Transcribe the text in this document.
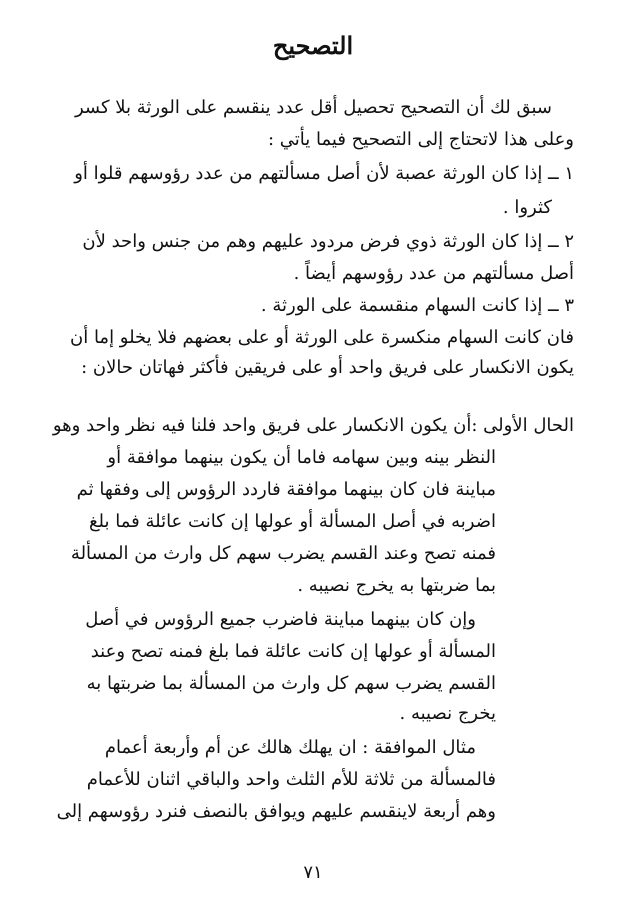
التصحيح

سبق لك أن التصحيح تحصيل أقل عدد ينقسم على الورثة بلا كسر

وعلى هذا لاتحتاج إلى التصحيح فيما يأتي :

١ ــ إذا كان الورثة عصبة لأن أصل مسألتهم من عدد رؤوسهم قلوا أو

كثروا .

٢ ــ إذا كان الورثة ذوي فرض مردود عليهم وهم من جنس واحد لأن

أصل مسألتهم من عدد رؤوسهم أيضاً .

٣ ــ إذا كانت السهام منقسمة على الورثة .

فان كانت السهام منكسرة على الورثة أو على بعضهم فلا يخلو إما أن

يكون الانكسار على فريق واحد أو على فريقين فأكثر فهاتان حالان :

الحال الأولى :أن يكون الانكسار على فريق واحد فلنا فيه نظر واحد وهو

النظر بينه وبين سهامه فاما أن يكون بينهما موافقة أو

مباينة فان كان بينهما موافقة فاردد الرؤوس إلى وفقها ثم

اضربه في أصل المسألة أو عولها إن كانت عائلة فما بلغ

فمنه تصح وعند القسم يضرب سهم كل وارث من المسألة

بما ضربتها به يخرج نصيبه .

وإن كان بينهما مباينة فاضرب جميع الرؤوس في أصل

المسألة أو عولها إن كانت عائلة فما بلغ فمنه تصح وعند

القسم يضرب سهم كل وارث من المسألة بما ضربتها به

يخرج نصيبه .

مثال الموافقة : ان يهلك هالك عن أم وأربعة أعمام

فالمسألة من ثلاثة للأم الثلث واحد والباقي اثنان للأعمام

وهم أربعة لاينقسم عليهم ويوافق بالنصف فنرد رؤوسهم إلى

٧١
